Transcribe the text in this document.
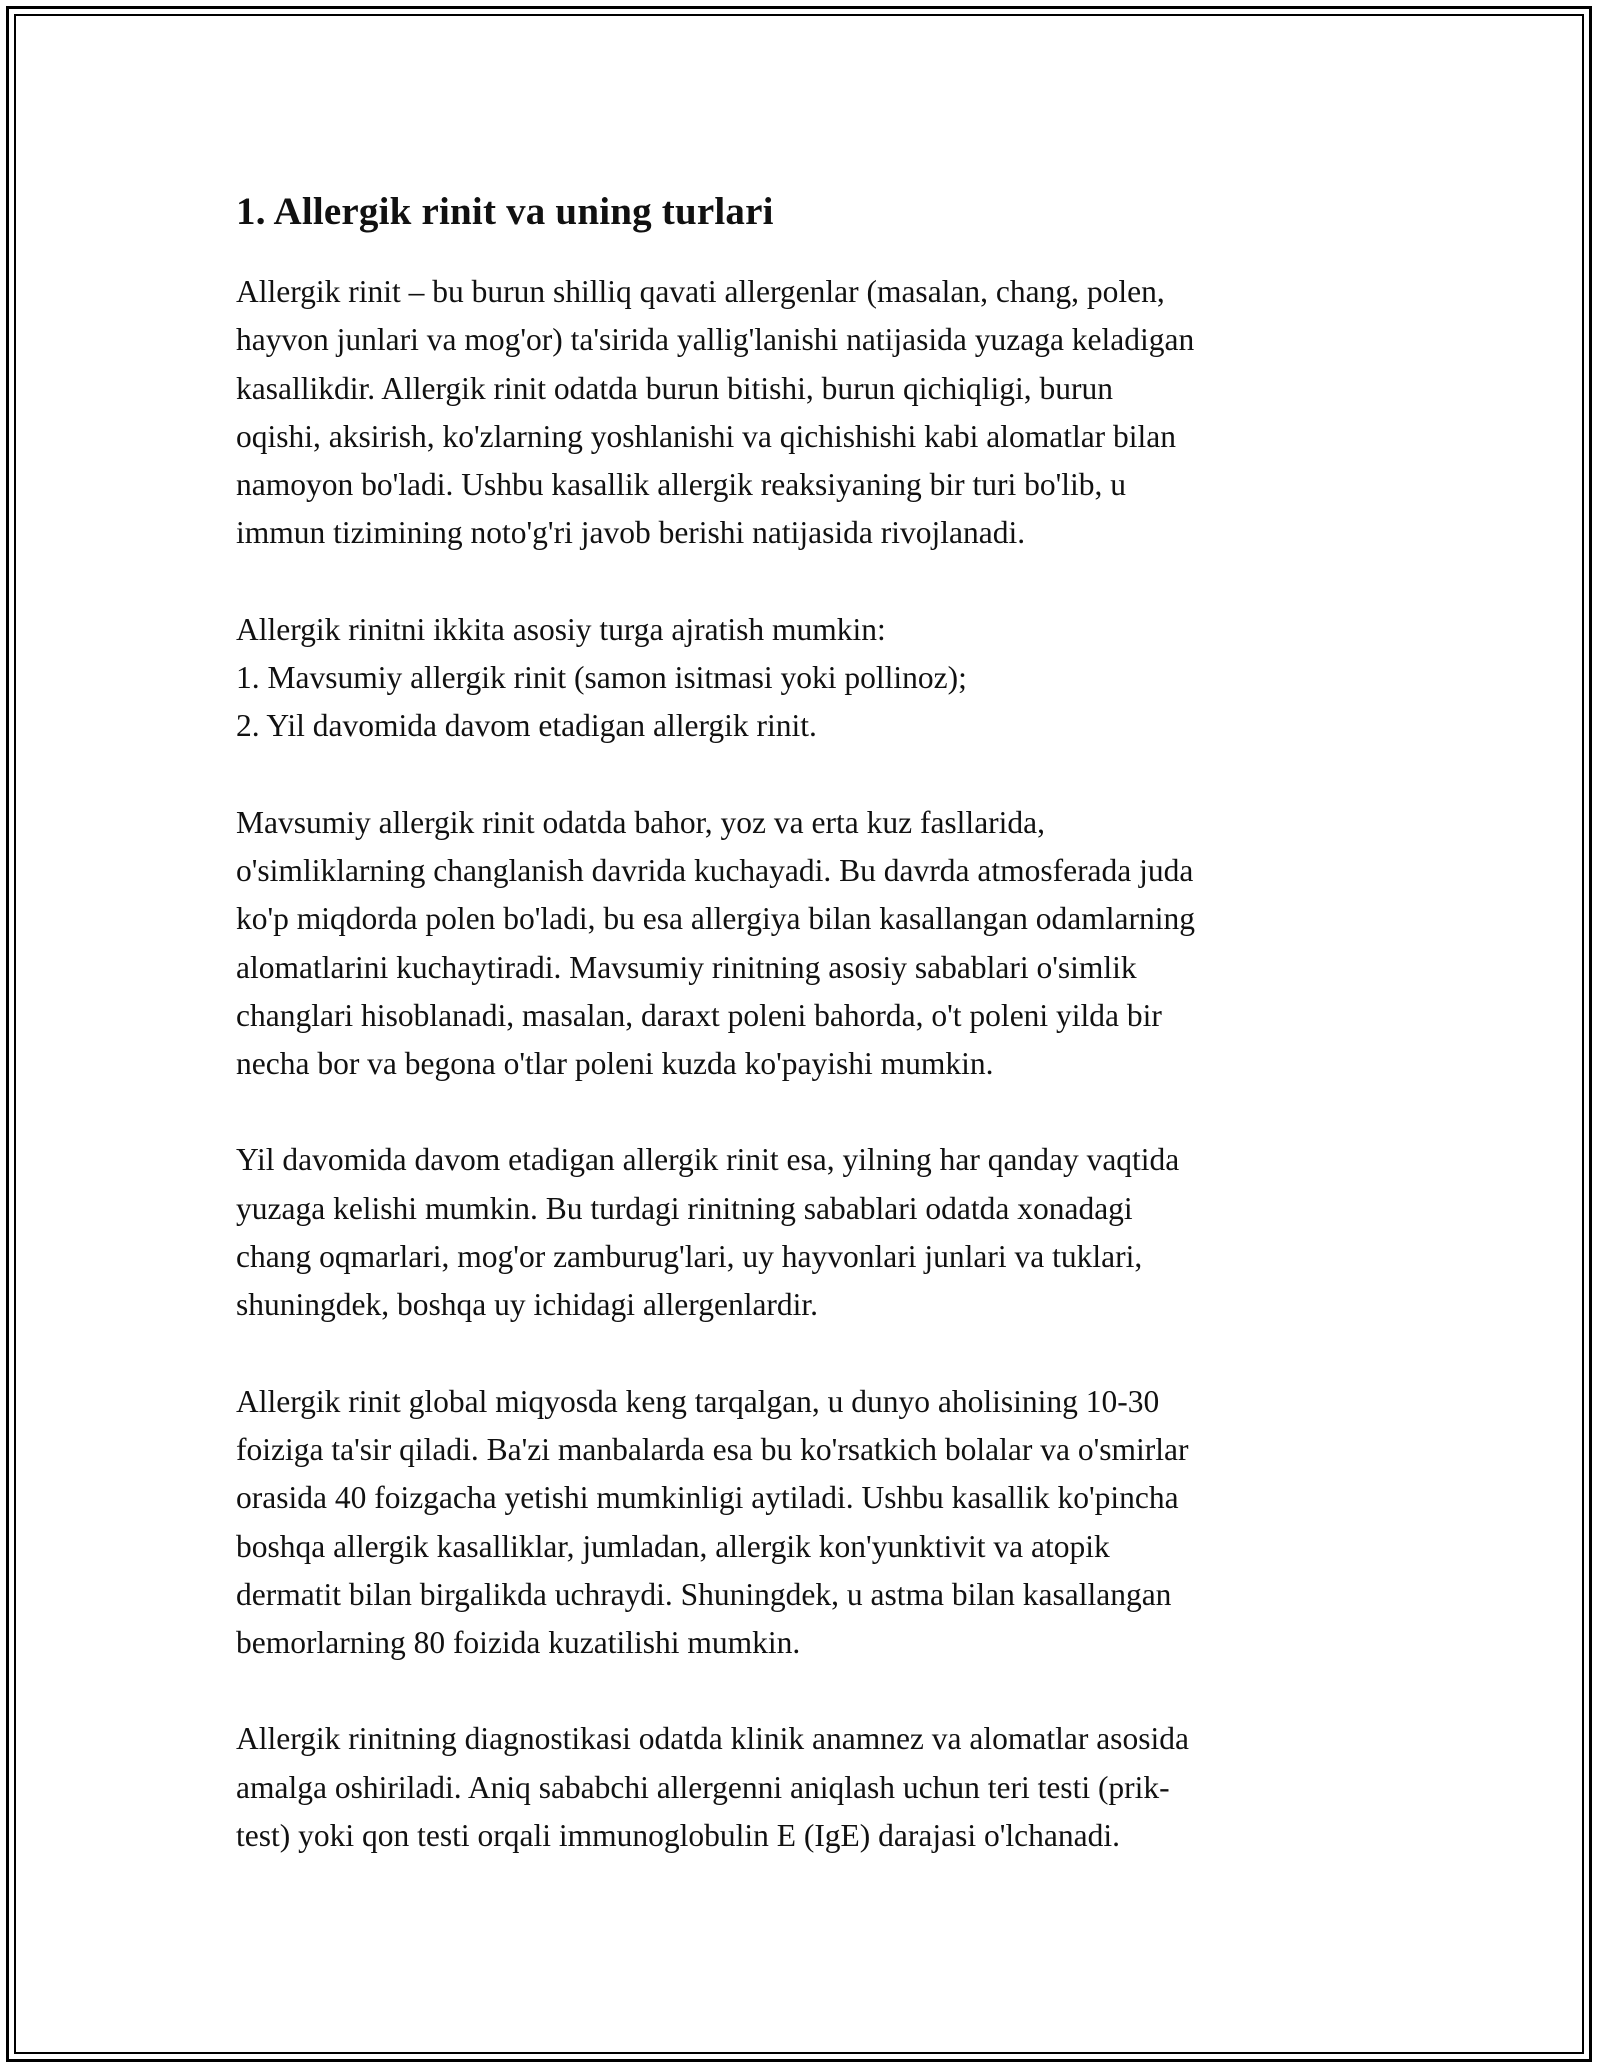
1. Allergik rinit va uning turlari

Allergik rinit – bu burun shilliq qavati allergenlar (masalan, chang, polen,
hayvon junlari va mog'or) ta'sirida yallig'lanishi natijasida yuzaga keladigan
kasallikdir. Allergik rinit odatda burun bitishi, burun qichiqligi, burun
oqishi, aksirish, ko'zlarning yoshlanishi va qichishishi kabi alomatlar bilan
namoyon bo'ladi. Ushbu kasallik allergik reaksiyaning bir turi bo'lib, u
immun tizimining noto'g'ri javob berishi natijasida rivojlanadi.

Allergik rinitni ikkita asosiy turga ajratish mumkin:
1. Mavsumiy allergik rinit (samon isitmasi yoki pollinoz);
2. Yil davomida davom etadigan allergik rinit.

Mavsumiy allergik rinit odatda bahor, yoz va erta kuz fasllarida,
o'simliklarning changlanish davrida kuchayadi. Bu davrda atmosferada juda
ko'p miqdorda polen bo'ladi, bu esa allergiya bilan kasallangan odamlarning
alomatlarini kuchaytiradi. Mavsumiy rinitning asosiy sabablari o'simlik
changlari hisoblanadi, masalan, daraxt poleni bahorda, o't poleni yilda bir
necha bor va begona o'tlar poleni kuzda ko'payishi mumkin.

Yil davomida davom etadigan allergik rinit esa, yilning har qanday vaqtida
yuzaga kelishi mumkin. Bu turdagi rinitning sabablari odatda xonadagi
chang oqmarlari, mog'or zamburug'lari, uy hayvonlari junlari va tuklari,
shuningdek, boshqa uy ichidagi allergenlardir.

Allergik rinit global miqyosda keng tarqalgan, u dunyo aholisining 10-30
foiziga ta'sir qiladi. Ba'zi manbalarda esa bu ko'rsatkich bolalar va o'smirlar
orasida 40 foizgacha yetishi mumkinligi aytiladi. Ushbu kasallik ko'pincha
boshqa allergik kasalliklar, jumladan, allergik kon'yunktivit va atopik
dermatit bilan birgalikda uchraydi. Shuningdek, u astma bilan kasallangan
bemorlarning 80 foizida kuzatilishi mumkin.

Allergik rinitning diagnostikasi odatda klinik anamnez va alomatlar asosida
amalga oshiriladi. Aniq sababchi allergenni aniqlash uchun teri testi (prik-
test) yoki qon testi orqali immunoglobulin E (IgE) darajasi o'lchanadi.
